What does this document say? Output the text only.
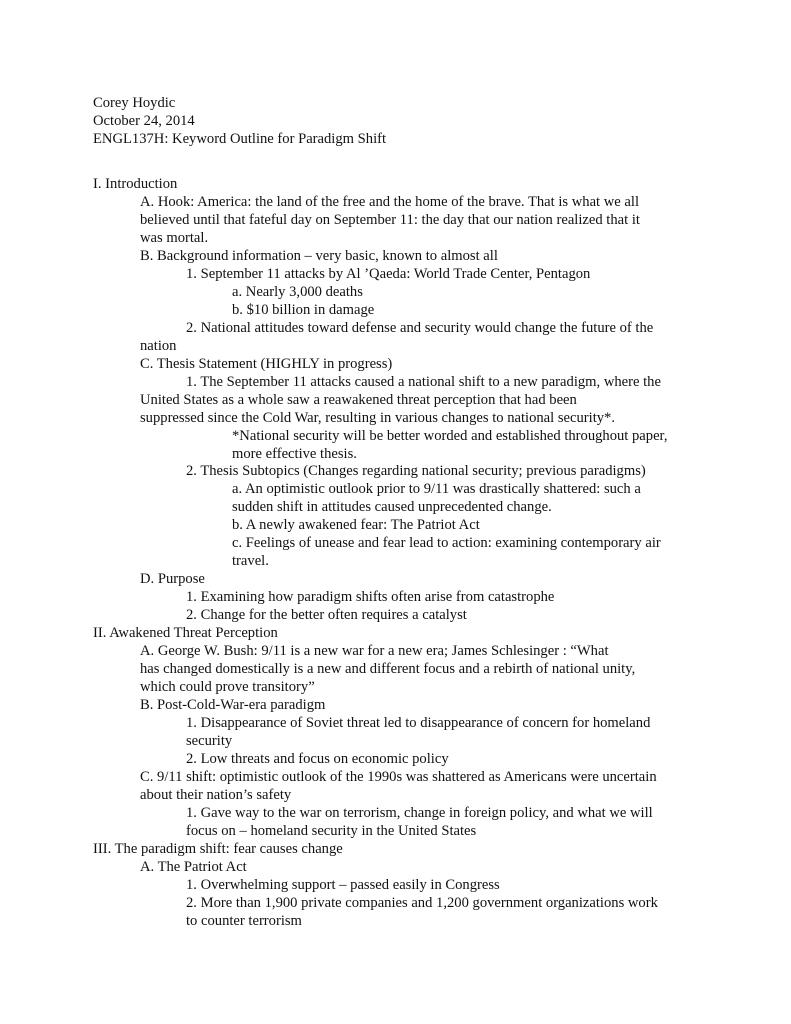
Corey Hoydic

October 24, 2014

ENGL137H: Keyword Outline for Paradigm Shift

I. Introduction

A. Hook: America: the land of the free and the home of the brave. That is what we all

believed until that fateful day on September 11: the day that our nation realized that it

was mortal.

B. Background information – very basic, known to almost all

1. September 11 attacks by Al ’Qaeda: World Trade Center, Pentagon

a. Nearly 3,000 deaths

b. $10 billion in damage

2. National attitudes toward defense and security would change the future of the

nation

C. Thesis Statement (HIGHLY in progress)

1. The September 11 attacks caused a national shift to a new paradigm, where the

United States as a whole saw a reawakened threat perception that had been

suppressed since the Cold War, resulting in various changes to national security*.

*National security will be better worded and established throughout paper,

more effective thesis.

2. Thesis Subtopics (Changes regarding national security; previous paradigms)

a. An optimistic outlook prior to 9/11 was drastically shattered: such a

sudden shift in attitudes caused unprecedented change.

b. A newly awakened fear: The Patriot Act

c. Feelings of unease and fear lead to action: examining contemporary air

travel.

D. Purpose

1. Examining how paradigm shifts often arise from catastrophe

2. Change for the better often requires a catalyst

II. Awakened Threat Perception

A. George W. Bush: 9/11 is a new war for a new era; James Schlesinger : “What

has changed domestically is a new and different focus and a rebirth of national unity,

which could prove transitory”

B. Post-Cold-War-era paradigm

1. Disappearance of Soviet threat led to disappearance of concern for homeland

security

2. Low threats and focus on economic policy

C. 9/11 shift: optimistic outlook of the 1990s was shattered as Americans were uncertain

about their nation’s safety

1. Gave way to the war on terrorism, change in foreign policy, and what we will

focus on – homeland security in the United States

III. The paradigm shift: fear causes change

A. The Patriot Act

1. Overwhelming support – passed easily in Congress

2. More than 1,900 private companies and 1,200 government organizations work

to counter terrorism
